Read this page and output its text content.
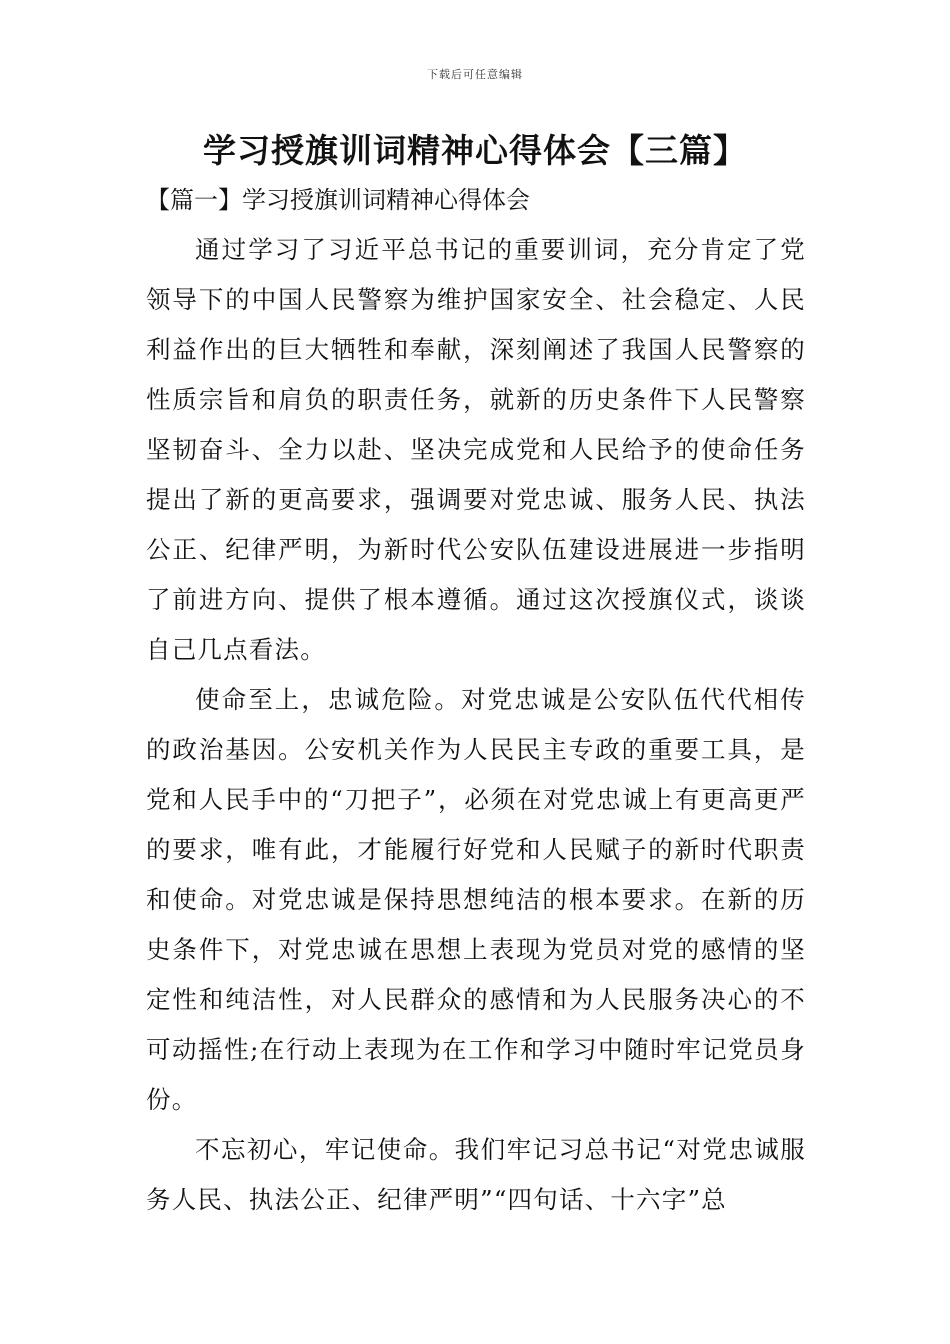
下载后可任意编辑
学习授旗训词精神心得体会【三篇】
【篇一】学习授旗训词精神心得体会

通过学习了习近平总书记的重要训词，充分肯定了党领导下的中国人民警察为维护国家安全、社会稳定、人民利益作出的巨大牺牲和奉献，深刻阐述了我国人民警察的性质宗旨和肩负的职责任务，就新的历史条件下人民警察坚韧奋斗、全力以赴、坚决完成党和人民给予的使命任务提出了新的更高要求，强调要对党忠诚、服务人民、执法公正、纪律严明，为新时代公安队伍建设进展进一步指明了前进方向、提供了根本遵循。通过这次授旗仪式，谈谈自己几点看法。

使命至上，忠诚危险。对党忠诚是公安队伍代代相传的政治基因。公安机关作为人民民主专政的重要工具，是党和人民手中的“刀把子”，必须在对党忠诚上有更高更严的要求，唯有此，才能履行好党和人民赋子的新时代职责和使命。对党忠诚是保持思想纯洁的根本要求。在新的历史条件下，对党忠诚在思想上表现为党员对党的感情的坚定性和纯洁性，对人民群众的感情和为人民服务决心的不可动摇性;在行动上表现为在工作和学习中随时牢记党员身份。

不忘初心，牢记使命。我们牢记习总书记“对党忠诚服务人民、执法公正、纪律严明”“四句话、十六字”总
